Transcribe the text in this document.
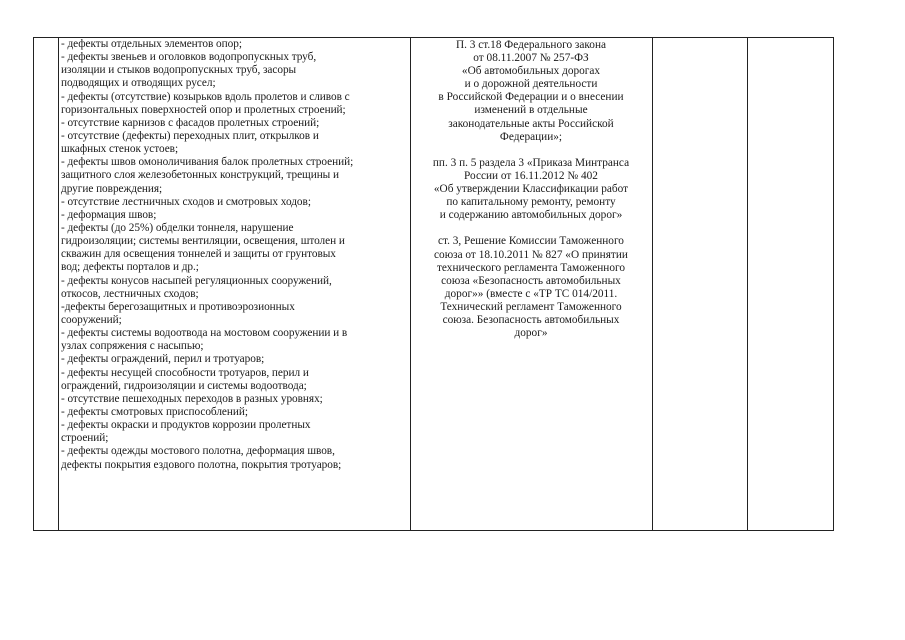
- дефекты отдельных элементов опор;
- дефекты звеньев и оголовков водопропускных труб,
изоляции и стыков водопропускных труб, засоры
подводящих и отводящих русел;
- дефекты (отсутствие) козырьков вдоль пролетов и сливов с
горизонтальных поверхностей опор и пролетных строений;
- отсутствие карнизов с фасадов пролетных строений;
- отсутствие (дефекты) переходных плит, открылков и
шкафных стенок устоев;
- дефекты швов омоноличивания балок пролетных строений;
защитного слоя железобетонных конструкций, трещины и
другие повреждения;
- отсутствие лестничных сходов и смотровых ходов;
- деформация швов;
- дефекты (до 25%) обделки тоннеля, нарушение
гидроизоляции; системы вентиляции, освещения, штолен и
скважин для освещения тоннелей и защиты от грунтовых
вод; дефекты порталов и др.;
- дефекты конусов насыпей регуляционных сооружений,
откосов, лестничных сходов;
-дефекты берегозащитных и противоэрозионных
сооружений;
- дефекты системы водоотвода на мостовом сооружении и в
узлах сопряжения с насыпью;
- дефекты ограждений, перил и тротуаров;
- дефекты несущей способности тротуаров, перил и
ограждений, гидроизоляции и системы водоотвода;
- отсутствие пешеходных переходов в разных уровнях;
- дефекты смотровых приспособлений;
- дефекты окраски и продуктов коррозии пролетных
строений;
- дефекты одежды мостового полотна, деформация швов,
дефекты покрытия ездового полотна, покрытия тротуаров;
П. 3 ст.18 Федерального закона
от 08.11.2007 № 257-ФЗ
«Об автомобильных дорогах
и о дорожной деятельности
в Российской Федерации и о внесении
изменений в отдельные
законодательные акты Российской
Федерации»;
пп. 3 п. 5 раздела 3 «Приказа Минтранса
России от 16.11.2012 № 402
«Об утверждении Классификации работ
по капитальному ремонту, ремонту
и содержанию автомобильных дорог»
ст. 3, Решение Комиссии Таможенного
союза от 18.10.2011 № 827 «О принятии
технического регламента Таможенного
союза «Безопасность автомобильных
дорог»» (вместе с «ТР ТС 014/2011.
Технический регламент Таможенного
союза. Безопасность автомобильных
дорог»
